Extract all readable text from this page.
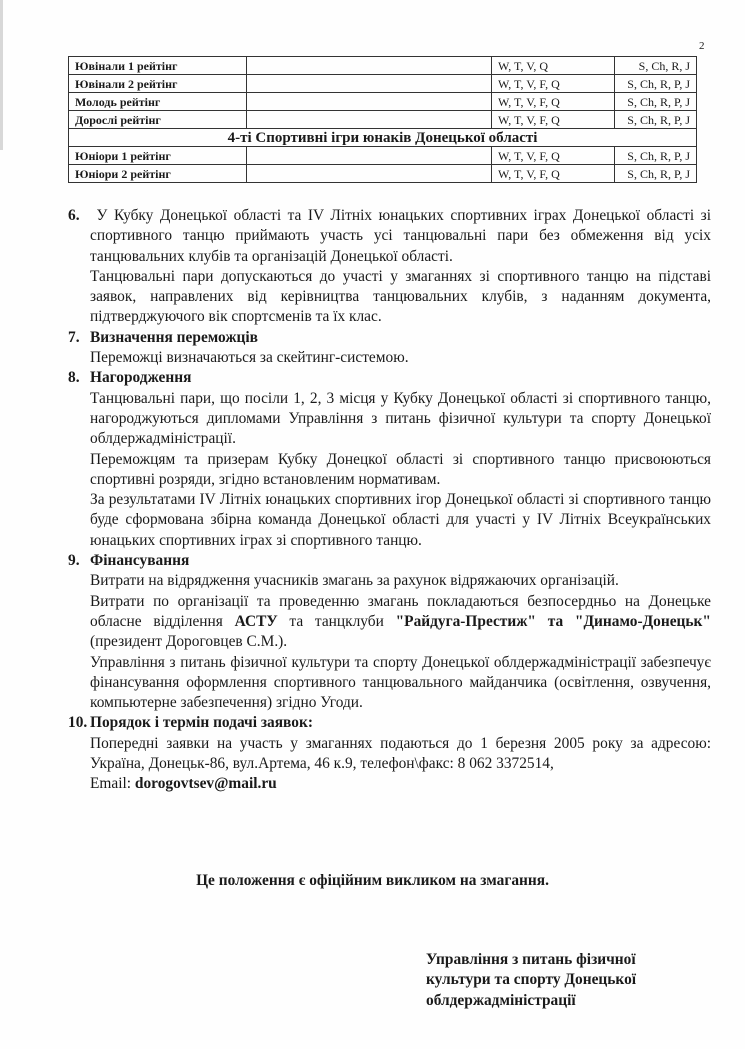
2
Ювінали 1 рейтінг		W, T, V, Q	S, Ch, R, J
Ювінали 2 рейтінг		W, T, V, F, Q	S, Ch, R, P, J
Молодь рейтінг		W, T, V, F, Q	S, Ch, R, P, J
Дорослі рейтінг		W, T, V, F, Q	S, Ch, R, P, J
4-ті Спортивні ігри юнаків Донецької області			
Юніори 1 рейтінг		W, T, V, F, Q	S, Ch, R, P, J
Юніори 2 рейтінг		W, T, V, F, Q	S, Ch, R, P, J
6.	У Кубку Донецької області та IV Літніх юнацьких спортивних іграх Донецької області зі спортивного танцю приймають участь усі танцювальні пари без обмеження від усіх танцювальних клубів та організацій Донецької області.

Танцювальні пари допускаються до участі у змаганнях зі спортивного танцю на підставі заявок, направлених від керівництва танцювальних клубів, з наданням документа, підтверджуючого вік спортсменів та їх клас.

7. Визначення переможців

Переможці визначаються за скейтинг-системою.

8. Нагородження

Танцювальні пари, що посіли 1, 2, 3 місця у Кубку Донецької області зі спортивного танцю, нагороджуються дипломами Управління з питань фізичної культури та спорту Донецької облдержадміністрації.

Переможцям та призерам Кубку Донецкої області зі спортивного танцю присвоюються спортивні розряди, згідно встановленим нормативам.

За результатами IV Літніх юнацьких спортивних ігор Донецької області зі спортивного танцю буде сформована збірна команда Донецької області для участі у IV Літніх Всеукраїнських юнацьких спортивних іграх зі спортивного танцю.

9. Фінансування

Витрати на відрядження учасників змагань за рахунок відряжаючих організацій.

Витрати по організації та проведенню змагань покладаються безпосердньо на Донецьке обласне відділення АСТУ та танцклуби "Райдуга-Престиж" та "Динамо-Донецьк" (президент Дороговцев С.М.).

Управління з питань фізичної культури та спорту Донецької облдержадміністрації забезпечує фінансування оформлення спортивного танцювального майданчика (освітлення, озвучення, компьютерне забезпечення) згідно Угоди.

10. Порядок і термін подачі заявок:

Попередні заявки на участь у змаганнях подаються до 1 березня 2005 року за адресою: Україна, Донецьк-86, вул.Артема, 46 к.9, телефон\факс: 8 062 3372514,

Email: dorogovtsev@mail.ru

Це положення є офіційним викликом на змагання.
Управління з питань фізичної
культури та спорту Донецької
облдержадміністрації
